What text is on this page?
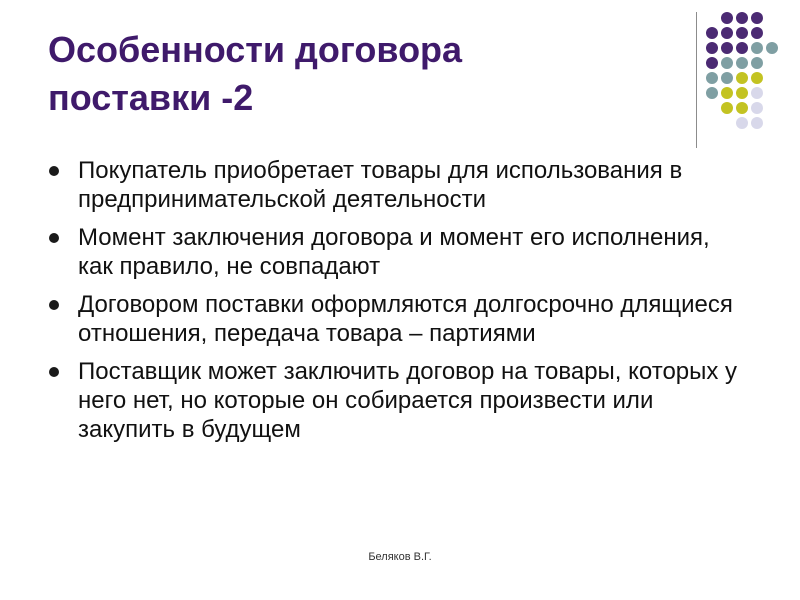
Особенности договора
поставки -2
Покупатель приобретает товары для использования в предпринимательской деятельности
Момент заключения договора и момент его исполнения, как правило, не совпадают
Договором поставки оформляются долгосрочно длящиеся отношения, передача товара – партиями
Поставщик может заключить договор на товары, которых у него нет, но которые он собирается произвести или закупить в будущем
Беляков В.Г.
